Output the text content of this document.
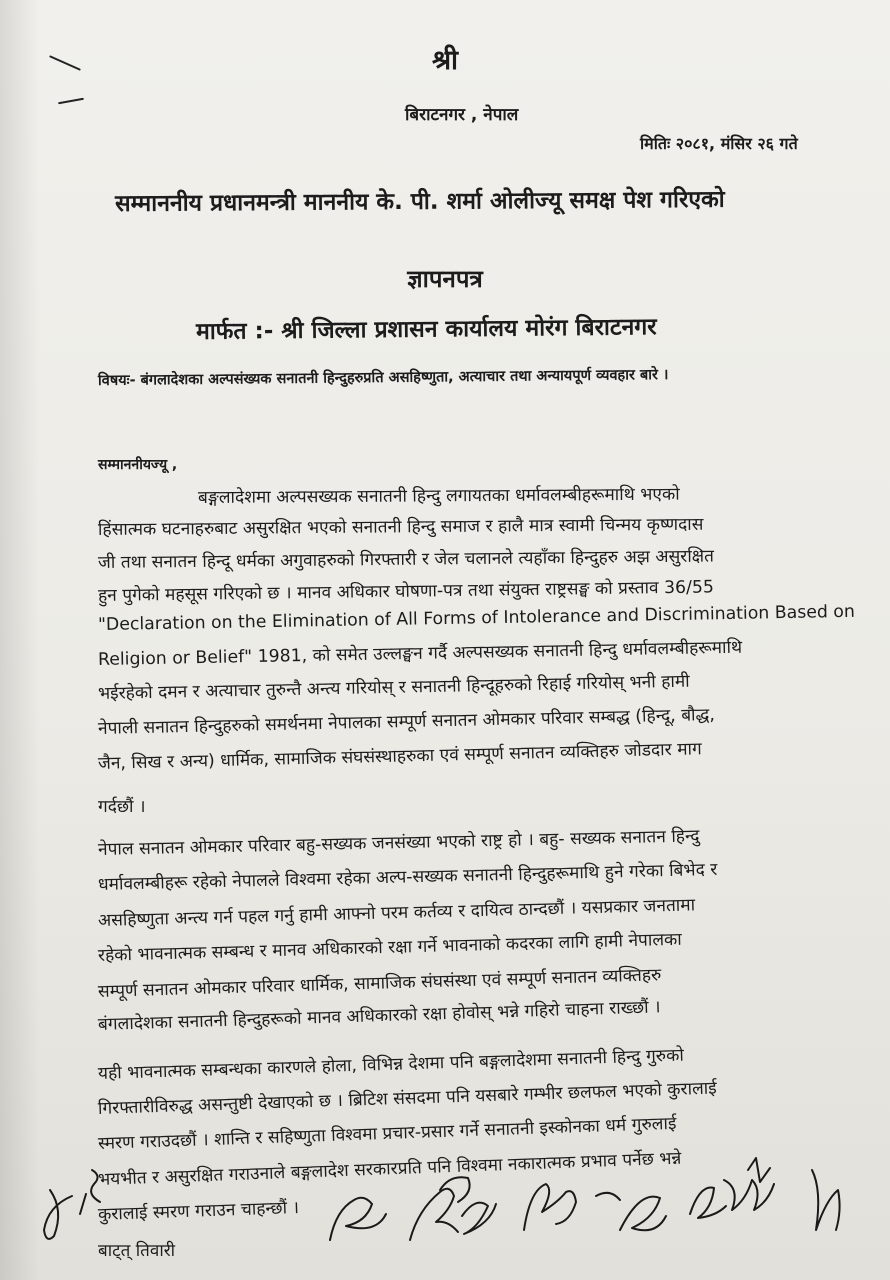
श्री
बिराटनगर , नेपाल
मितिः २०८१, मंसिर २६ गते
सम्माननीय प्रधानमन्त्री माननीय के. पी. शर्मा ओलीज्यू समक्ष पेश गरिएको
ज्ञापनपत्र
मार्फत :- श्री जिल्ला प्रशासन कार्यालय मोरंग बिराटनगर
विषयः- बंगलादेशका अल्पसंख्यक सनातनी हिन्दुहरुप्रति असहिष्णुता, अत्याचार तथा अन्यायपूर्ण व्यवहार बारे ।
सम्माननीयज्यू ,
बङ्गलादेशमा अल्पसख्यक सनातनी हिन्दु लगायतका धर्मावलम्बीहरूमाथि भएको
हिंसात्मक घटनाहरुबाट असुरक्षित भएको सनातनी हिन्दु समाज र हालै मात्र स्वामी चिन्मय कृष्णदास
जी तथा सनातन हिन्दू धर्मका अगुवाहरुको गिरफ्तारी र जेल चलानले त्यहाँका हिन्दुहरु अझ असुरक्षित
हुन पुगेको महसूस गरिएको छ । मानव अधिकार घोषणा-पत्र तथा संयुक्त राष्ट्रसङ्घ को प्रस्ताव 36/55
"Declaration on the Elimination of All Forms of Intolerance and Discrimination Based on
Religion or Belief" 1981, को समेत उल्लङ्घन गर्दै अल्पसख्यक सनातनी हिन्दु धर्मावलम्बीहरूमाथि
भईरहेको दमन र अत्याचार तुरुन्तै अन्त्य गरियोस् र सनातनी हिन्दूहरुको रिहाई गरियोस् भनी हामी
नेपाली सनातन हिन्दुहरुको समर्थनमा नेपालका सम्पूर्ण सनातन ओमकार परिवार सम्बद्ध (हिन्दू, बौद्ध,
जैन, सिख र अन्य) धार्मिक, सामाजिक संघसंस्थाहरुका एवं सम्पूर्ण सनातन व्यक्तिहरु जोडदार माग
गर्दछौं ।
नेपाल सनातन ओमकार परिवार बहु-सख्यक जनसंख्या भएको राष्ट्र हो । बहु- सख्यक सनातन हिन्दु
धर्मावलम्बीहरू रहेको नेपालले विश्वमा रहेका अल्प-सख्यक सनातनी हिन्दुहरूमाथि हुने गरेका बिभेद र
असहिष्णुता अन्त्य गर्न पहल गर्नु हामी आफ्नो परम कर्तव्य र दायित्व ठान्दछौं । यसप्रकार जनतामा
रहेको भावनात्मक सम्बन्ध र मानव अधिकारको रक्षा गर्ने भावनाको कदरका लागि हामी नेपालका
सम्पूर्ण सनातन ओमकार परिवार धार्मिक, सामाजिक संघसंस्था एवं सम्पूर्ण सनातन व्यक्तिहरु
बंगलादेशका सनातनी हिन्दुहरूको मानव अधिकारको रक्षा होवोस् भन्ने गहिरो चाहना राख्छौं ।
यही भावनात्मक सम्बन्धका कारणले होला, विभिन्न देशमा पनि बङ्गलादेशमा सनातनी हिन्दु गुरुको
गिरफ्तारीविरुद्ध असन्तुष्टी देखाएको छ । ब्रिटिश संसदमा पनि यसबारे गम्भीर छलफल भएको कुरालाई
स्मरण गराउदछौं । शान्ति र सहिष्णुता विश्वमा प्रचार-प्रसार गर्ने सनातनी इस्कोनका धर्म गुरुलाई
भयभीत र असुरक्षित गराउनाले बङ्गलादेश सरकारप्रति पनि विश्वमा नकारात्मक प्रभाव पर्नेछ भन्ने
कुरालाई स्मरण गराउन चाहन्छौं ।
बाट्त् तिवारी
